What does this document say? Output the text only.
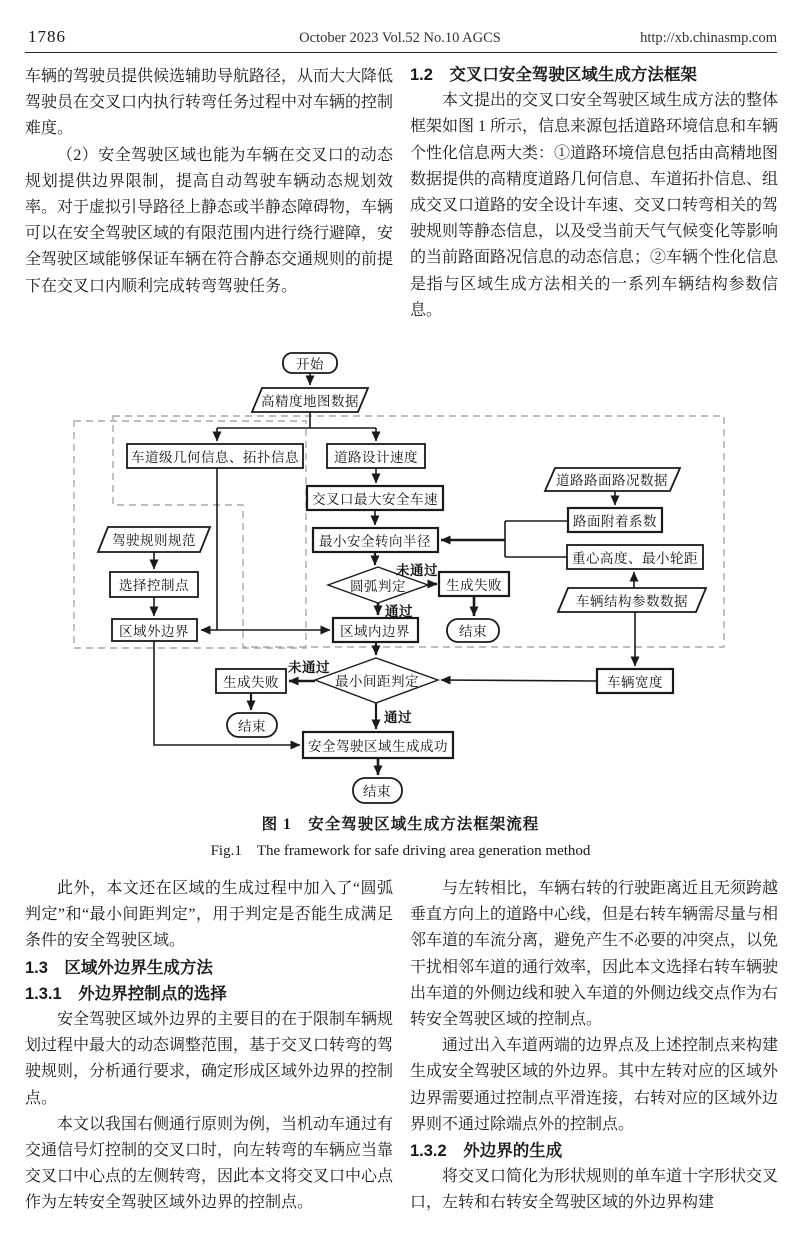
1786	October 2023 Vol.52 No.10 AGCS	http://xb.chinasmp.com

车辆的驾驶员提供候选辅助导航路径，从而大大降低驾驶员在交叉口内执行转弯任务过程中对车辆的控制难度。

（2）安全驾驶区域也能为车辆在交叉口的动态规划提供边界限制，提高自动驾驶车辆动态规划效率。对于虚拟引导路径上静态或半静态障碍物，车辆可以在安全驾驶区域的有限范围内进行绕行避障，安全驾驶区域能够保证车辆在符合静态交通规则的前提下在交叉口内顺利完成转弯驾驶任务。

1.2　交叉口安全驾驶区域生成方法框架

本文提出的交叉口安全驾驶区域生成方法的整体框架如图 1 所示，信息来源包括道路环境信息和车辆个性化信息两大类：①道路环境信息包括由高精地图数据提供的高精度道路几何信息、车道拓扑信息、组成交叉口道路的安全设计车速、交叉口转弯相关的驾驶规则等静态信息，以及受当前天气气候变化等影响的当前路面路况信息的动态信息；②车辆个性化信息是指与区域生成方法相关的一系列车辆结构参数信息。

开始
高精度地图数据
车道级几何信息、拓扑信息	道路设计速度
交叉口最大安全车速
最小安全转向半径
圆弧判定	生成失败
结束
区域内边界
驾驶规则规范
选择控制点
区域外边界
道路路面路况数据
路面附着系数
重心高度、最小轮距
车辆结构参数数据
最小间距判定
生成失败
结束
车辆宽度
安全驾驶区域生成成功
结束
未通过
通过
未通过
通过
图 1　安全驾驶区域生成方法框架流程
Fig.1　The framework for safe driving area generation method

此外，本文还在区域的生成过程中加入了“圆弧判定”和“最小间距判定”，用于判定是否能生成满足条件的安全驾驶区域。

1.3　区域外边界生成方法

1.3.1　外边界控制点的选择

安全驾驶区域外边界的主要目的在于限制车辆规划过程中最大的动态调整范围，基于交叉口转弯的驾驶规则，分析通行要求，确定形成区域外边界的控制点。

本文以我国右侧通行原则为例，当机动车通过有交通信号灯控制的交叉口时，向左转弯的车辆应当靠交叉口中心点的左侧转弯，因此本文将交叉口中心点作为左转安全驾驶区域外边界的控制点。

与左转相比，车辆右转的行驶距离近且无须跨越垂直方向上的道路中心线，但是右转车辆需尽量与相邻车道的车流分离，避免产生不必要的冲突点，以免干扰相邻车道的通行效率，因此本文选择右转车辆驶出车道的外侧边线和驶入车道的外侧边线交点作为右转安全驾驶区域的控制点。

通过出入车道两端的边界点及上述控制点来构建生成安全驾驶区域的外边界。其中左转对应的区域外边界需要通过控制点平滑连接，右转对应的区域外边界则不通过除端点外的控制点。

1.3.2　外边界的生成

将交叉口简化为形状规则的单车道十字形状交叉口，左转和右转安全驾驶区域的外边界构建
